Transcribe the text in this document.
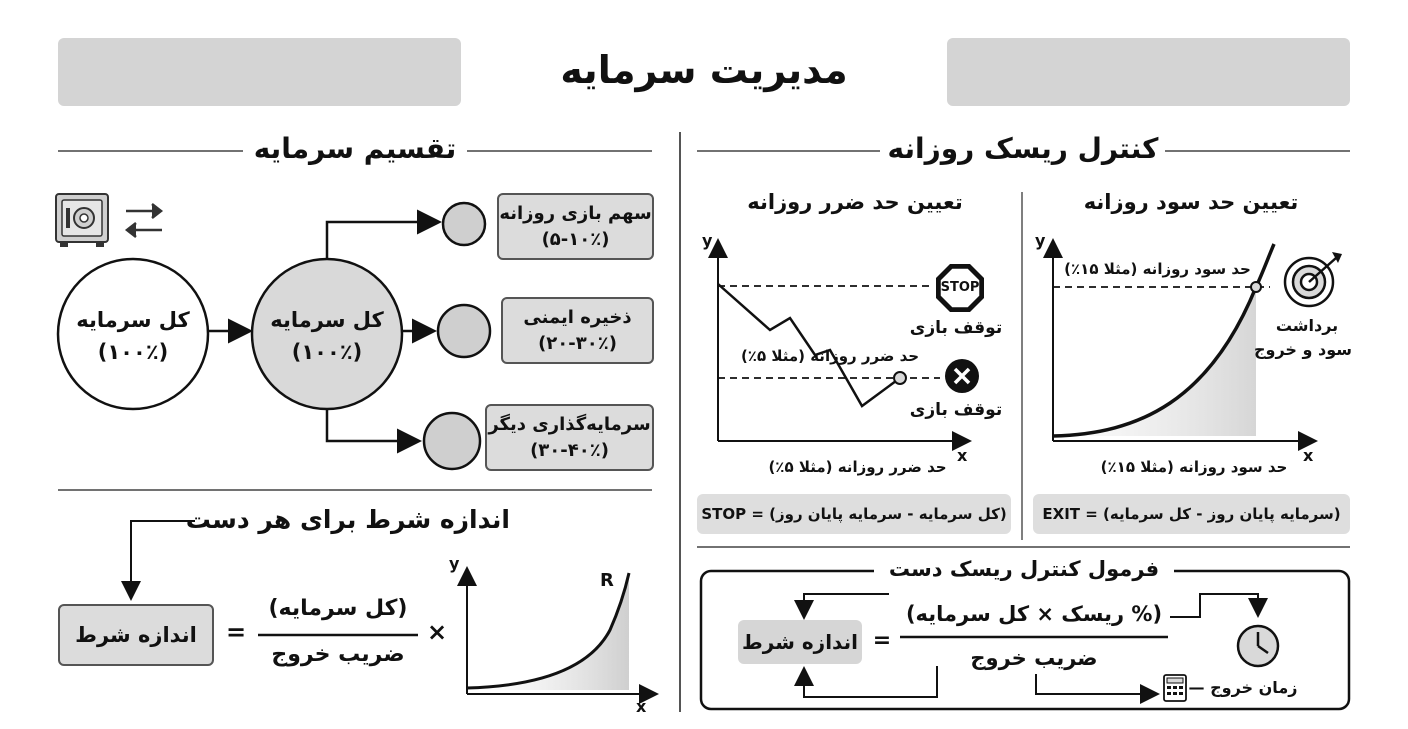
مدیریت سرمایه
تقسیم سرمایه	کنترل ریسک روزانه
کل سرمایه
(۱۰۰٪)
کل سرمایه
(۱۰۰٪)
سهم بازی روزانه
(۵-۱۰٪)
ذخیره ایمنی
(۲۰-۳۰٪)
سرمایه‌گذاری دیگر
(۳۰-۴۰٪)
اندازه شرط برای هر دست
اندازه شرط	=
(کل سرمایه)
ضریب خروج
×
y
x
R
تعیین حد ضرر روزانه
y
x
STOP
توقف بازی
توقف بازی
حد ضرر روزانه (مثلا ۵٪)
حد ضرر روزانه (مثلا ۵٪)
STOP = (کل سرمایه - سرمایه پایان روز)
تعیین حد سود روزانه
y
x
حد سود روزانه (مثلا ۱۵٪)
برداشت
سود و خروج
حد سود روزانه (مثلا ۱۵٪)
EXIT = (سرمایه پایان روز - کل سرمایه)
فرمول کنترل ریسک دست
اندازه شرط =
(% ریسک × کل سرمایه)
ضریب خروج
زمان خروج —
